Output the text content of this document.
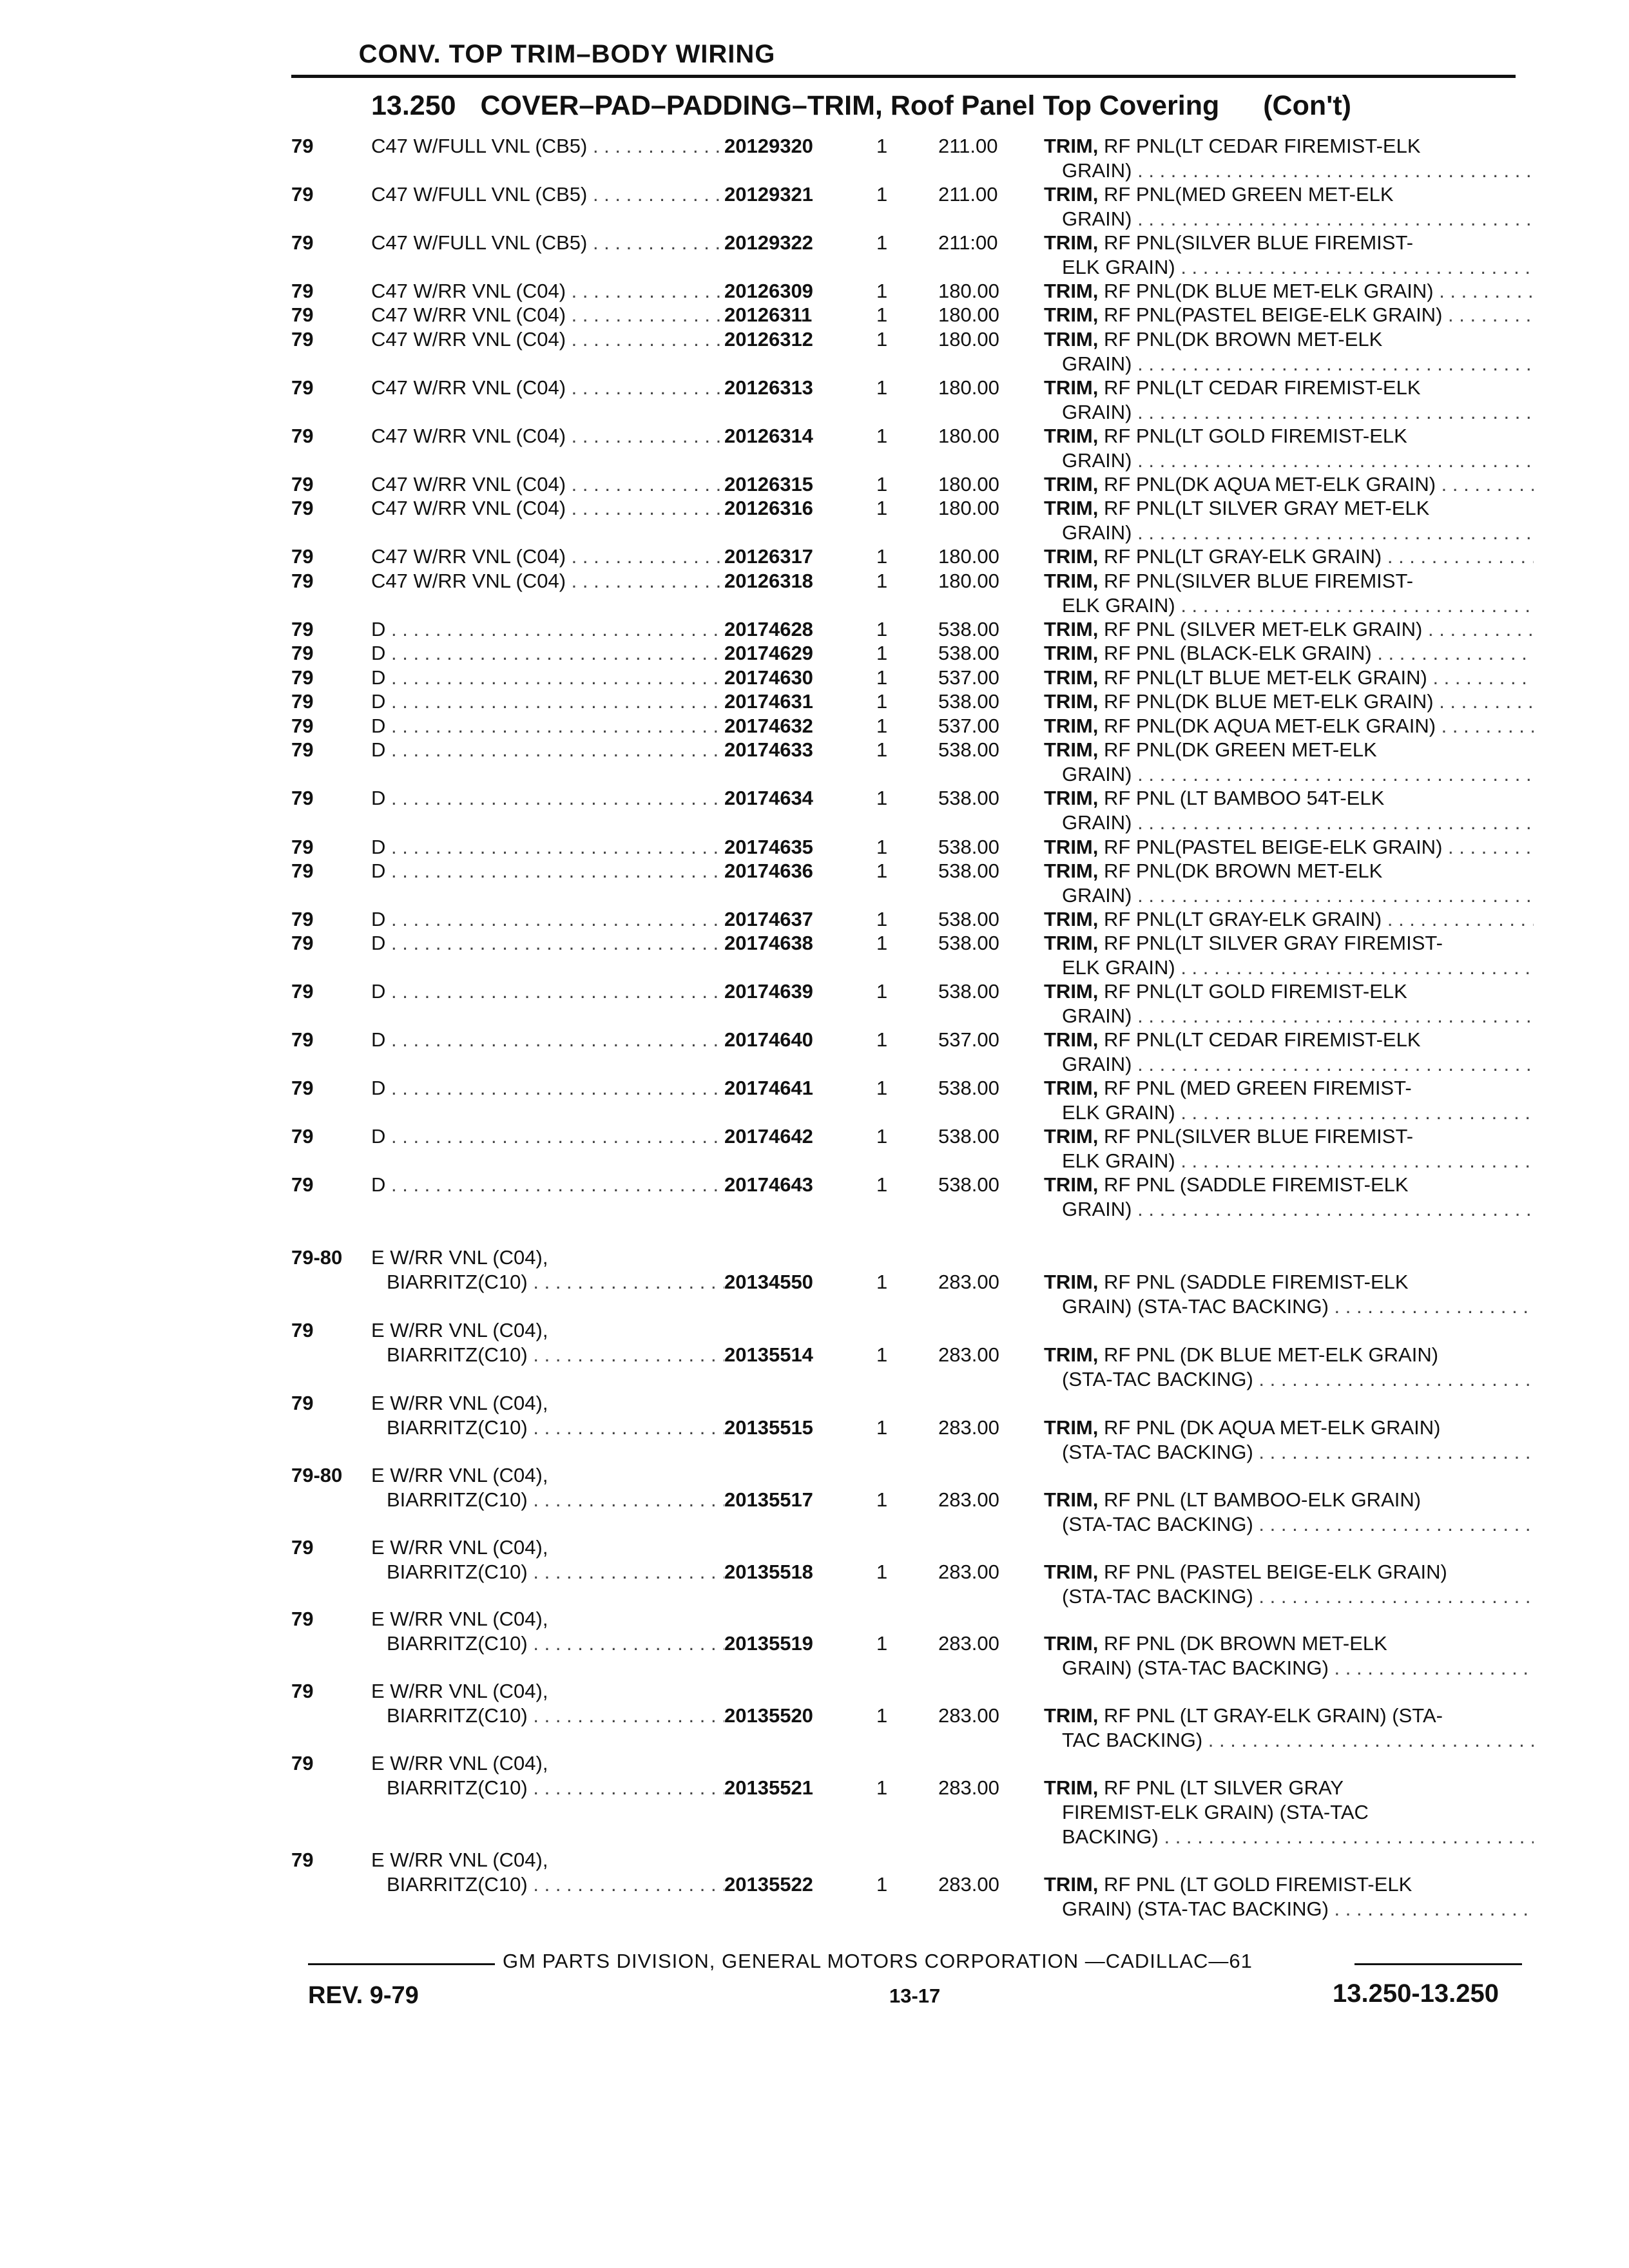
CONV. TOP TRIM–BODY WIRING
13.250 COVER–PAD–PADDING–TRIM, Roof Panel Top Covering (Con't)
79	C47 W/FULL VNL (CB5) . . .	20129320	1	211.00	TRIM, RF PNL(LT CEDAR FIREMIST-ELK
GRAIN) . . .
79	C47 W/FULL VNL (CB5) . . .	20129321	1	211.00	TRIM, RF PNL(MED GREEN MET-ELK
GRAIN) . . .
79	C47 W/FULL VNL (CB5) . . .	20129322	1	211:00	TRIM, RF PNL(SILVER BLUE FIREMIST-
ELK GRAIN) . . .
79	C47 W/RR VNL (C04) . . .	20126309	1	180.00	TRIM, RF PNL(DK BLUE MET-ELK GRAIN) . . .
79	C47 W/RR VNL (C04) . . .	20126311	1	180.00	TRIM, RF PNL(PASTEL BEIGE-ELK GRAIN) . . .
79	C47 W/RR VNL (C04) . . .	20126312	1	180.00	TRIM, RF PNL(DK BROWN MET-ELK
GRAIN) . . .
79	C47 W/RR VNL (C04) . . .	20126313	1	180.00	TRIM, RF PNL(LT CEDAR FIREMIST-ELK
GRAIN) . . .
79	C47 W/RR VNL (C04) . . .	20126314	1	180.00	TRIM, RF PNL(LT GOLD FIREMIST-ELK
GRAIN) . . .
79	C47 W/RR VNL (C04) . . .	20126315	1	180.00	TRIM, RF PNL(DK AQUA MET-ELK GRAIN) . . .
79	C47 W/RR VNL (C04) . . .	20126316	1	180.00	TRIM, RF PNL(LT SILVER GRAY MET-ELK
GRAIN) . . .
79	C47 W/RR VNL (C04) . . .	20126317	1	180.00	TRIM, RF PNL(LT GRAY-ELK GRAIN) . . .
79	C47 W/RR VNL (C04) . . .	20126318	1	180.00	TRIM, RF PNL(SILVER BLUE FIREMIST-
ELK GRAIN) . . .
79	D . . .	20174628	1	538.00	TRIM, RF PNL (SILVER MET-ELK GRAIN) . . .
79	D . . .	20174629	1	538.00	TRIM, RF PNL (BLACK-ELK GRAIN) . . .
79	D . . .	20174630	1	537.00	TRIM, RF PNL(LT BLUE MET-ELK GRAIN) . . .
79	D . . .	20174631	1	538.00	TRIM, RF PNL(DK BLUE MET-ELK GRAIN) . . .
79	D . . .	20174632	1	537.00	TRIM, RF PNL(DK AQUA MET-ELK GRAIN) . . .
79	D . . .	20174633	1	538.00	TRIM, RF PNL(DK GREEN MET-ELK
GRAIN) . . .
79	D . . .	20174634	1	538.00	TRIM, RF PNL (LT BAMBOO 54T-ELK
GRAIN) . . .
79	D . . .	20174635	1	538.00	TRIM, RF PNL(PASTEL BEIGE-ELK GRAIN) . . .
79	D . . .	20174636	1	538.00	TRIM, RF PNL(DK BROWN MET-ELK
GRAIN) . . .
79	D . . .	20174637	1	538.00	TRIM, RF PNL(LT GRAY-ELK GRAIN) . . .
79	D . . .	20174638	1	538.00	TRIM, RF PNL(LT SILVER GRAY FIREMIST-
ELK GRAIN) . . .
79	D . . .	20174639	1	538.00	TRIM, RF PNL(LT GOLD FIREMIST-ELK
GRAIN) . . .
79	D . . .	20174640	1	537.00	TRIM, RF PNL(LT CEDAR FIREMIST-ELK
GRAIN) . . .
79	D . . .	20174641	1	538.00	TRIM, RF PNL (MED GREEN FIREMIST-
ELK GRAIN) . . .
79	D . . .	20174642	1	538.00	TRIM, RF PNL(SILVER BLUE FIREMIST-
ELK GRAIN) . . .
79	D . . .	20174643	1	538.00	TRIM, RF PNL (SADDLE FIREMIST-ELK
GRAIN) . . .
79-80	E W/RR VNL (C04),
BIARRITZ(C10) . . .	20134550	1	283.00	TRIM, RF PNL (SADDLE FIREMIST-ELK
GRAIN) (STA-TAC BACKING) . . .
79	E W/RR VNL (C04),
BIARRITZ(C10) . . .	20135514	1	283.00	TRIM, RF PNL (DK BLUE MET-ELK GRAIN)
(STA-TAC BACKING) . . .
79	E W/RR VNL (C04),
BIARRITZ(C10) . . .	20135515	1	283.00	TRIM, RF PNL (DK AQUA MET-ELK GRAIN)
(STA-TAC BACKING) . . .
79-80	E W/RR VNL (C04),
BIARRITZ(C10) . . .	20135517	1	283.00	TRIM, RF PNL (LT BAMBOO-ELK GRAIN)
(STA-TAC BACKING) . . .
79	E W/RR VNL (C04),
BIARRITZ(C10) . . .	20135518	1	283.00	TRIM, RF PNL (PASTEL BEIGE-ELK GRAIN)
(STA-TAC BACKING) . . .
79	E W/RR VNL (C04),
BIARRITZ(C10) . . .	20135519	1	283.00	TRIM, RF PNL (DK BROWN MET-ELK
GRAIN) (STA-TAC BACKING) . . .
79	E W/RR VNL (C04),
BIARRITZ(C10) . . .	20135520	1	283.00	TRIM, RF PNL (LT GRAY-ELK GRAIN) (STA-
TAC BACKING) . . .
79	E W/RR VNL (C04),
BIARRITZ(C10) . . .	20135521	1	283.00	TRIM, RF PNL (LT SILVER GRAY
FIREMIST-ELK GRAIN) (STA-TAC
BACKING) . . .
79	E W/RR VNL (C04),
BIARRITZ(C10) . . .	20135522	1	283.00	TRIM, RF PNL (LT GOLD FIREMIST-ELK
GRAIN) (STA-TAC BACKING) . . .
GM PARTS DIVISION, GENERAL MOTORS CORPORATION —CADILLAC—61
REV. 9-79	13-17	13.250-13.250
